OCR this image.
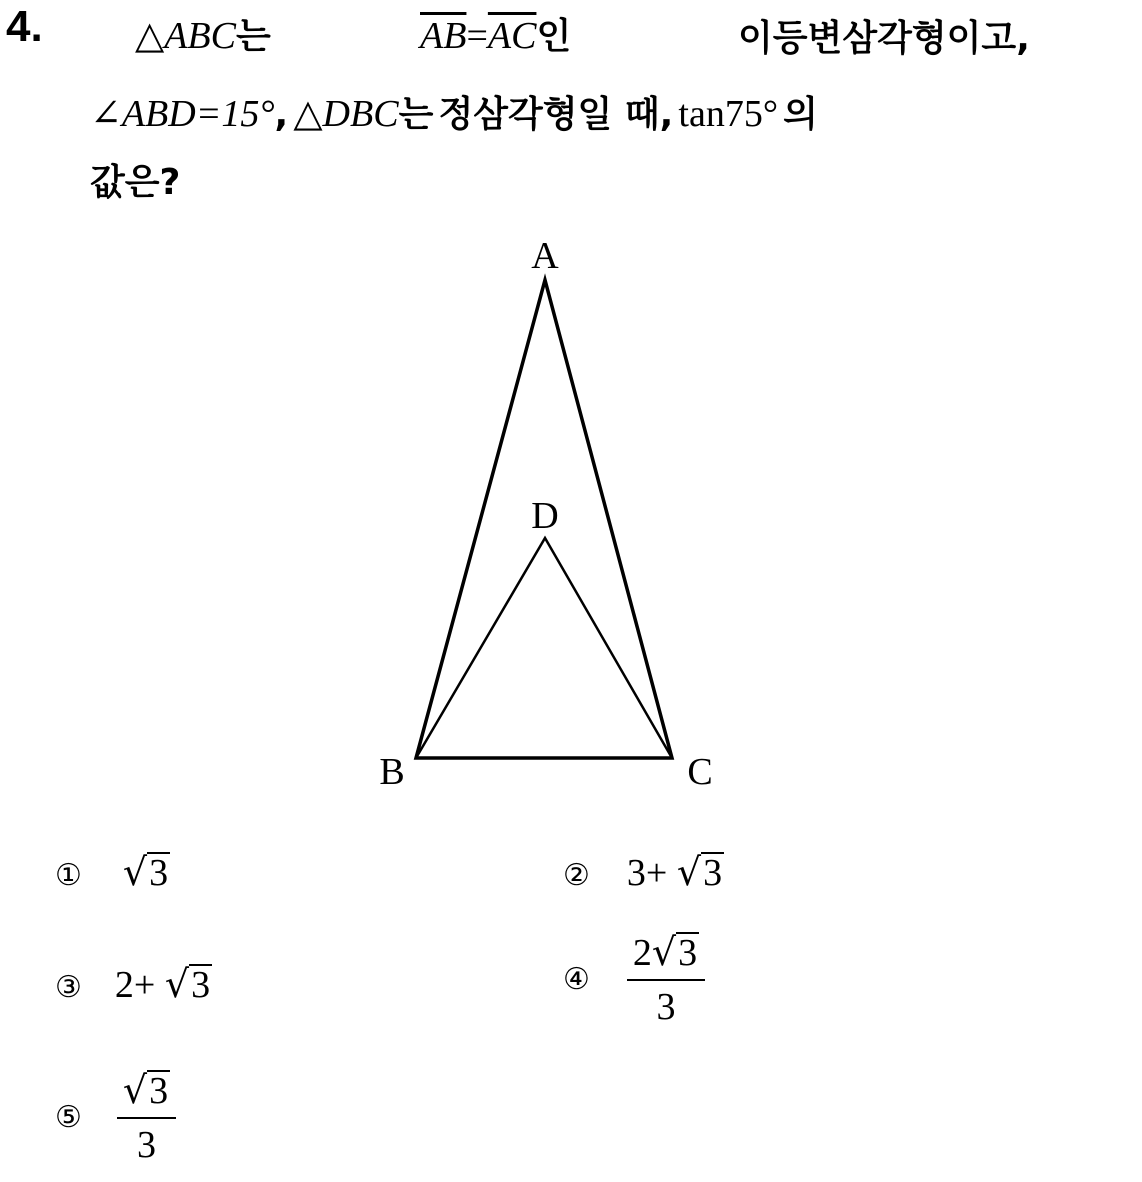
4. △ABC는	$\overline{AB}=\overline{AC}$인	이등변삼각형이고,
∠ABD=15°, △DBC는 정삼각형일 때, tan75° 의
값은?
A
D
B	C
① √3	② 3+ √3
③ 2+ √3	④ $\frac{2√3}{3}$
⑤ $\frac{√3}{3}$
